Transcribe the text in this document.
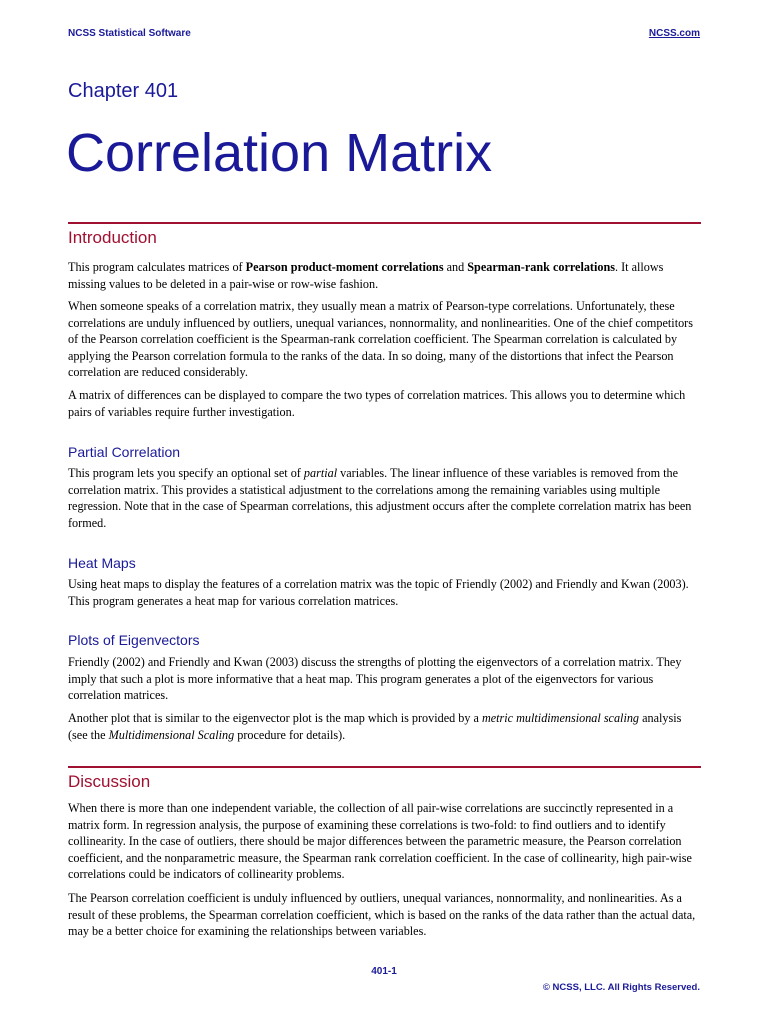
NCSS Statistical Software	NCSS.com
Chapter 401
Correlation Matrix
Introduction
This program calculates matrices of Pearson product-moment correlations and Spearman-rank correlations. It allows missing values to be deleted in a pair-wise or row-wise fashion.
When someone speaks of a correlation matrix, they usually mean a matrix of Pearson-type correlations. Unfortunately, these correlations are unduly influenced by outliers, unequal variances, nonnormality, and nonlinearities. One of the chief competitors of the Pearson correlation coefficient is the Spearman-rank correlation coefficient. The Spearman correlation is calculated by applying the Pearson correlation formula to the ranks of the data. In so doing, many of the distortions that infect the Pearson correlation are reduced considerably.
A matrix of differences can be displayed to compare the two types of correlation matrices. This allows you to determine which pairs of variables require further investigation.
Partial Correlation
This program lets you specify an optional set of partial variables. The linear influence of these variables is removed from the correlation matrix. This provides a statistical adjustment to the correlations among the remaining variables using multiple regression. Note that in the case of Spearman correlations, this adjustment occurs after the complete correlation matrix has been formed.
Heat Maps
Using heat maps to display the features of a correlation matrix was the topic of Friendly (2002) and Friendly and Kwan (2003). This program generates a heat map for various correlation matrices.
Plots of Eigenvectors
Friendly (2002) and Friendly and Kwan (2003) discuss the strengths of plotting the eigenvectors of a correlation matrix. They imply that such a plot is more informative that a heat map. This program generates a plot of the eigenvectors for various correlation matrices.
Another plot that is similar to the eigenvector plot is the map which is provided by a metric multidimensional scaling analysis (see the Multidimensional Scaling procedure for details).
Discussion
When there is more than one independent variable, the collection of all pair-wise correlations are succinctly represented in a matrix form. In regression analysis, the purpose of examining these correlations is two-fold: to find outliers and to identify collinearity. In the case of outliers, there should be major differences between the parametric measure, the Pearson correlation coefficient, and the nonparametric measure, the Spearman rank correlation coefficient. In the case of collinearity, high pair-wise correlations could be indicators of collinearity problems.
The Pearson correlation coefficient is unduly influenced by outliers, unequal variances, nonnormality, and nonlinearities. As a result of these problems, the Spearman correlation coefficient, which is based on the ranks of the data rather than the actual data, may be a better choice for examining the relationships between variables.
401-1
© NCSS, LLC. All Rights Reserved.
